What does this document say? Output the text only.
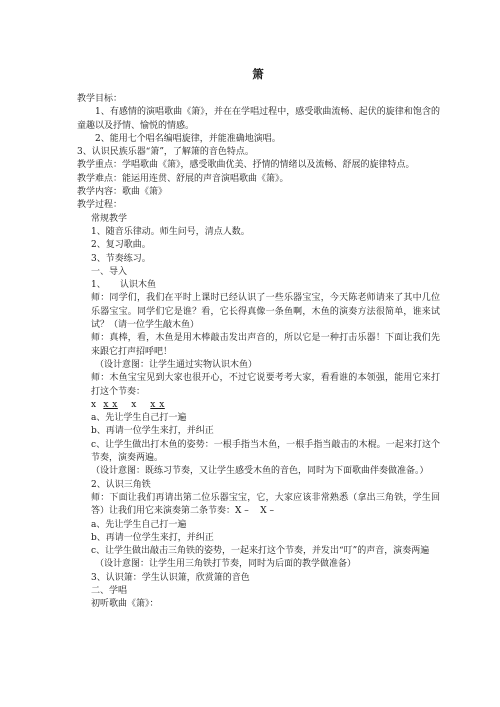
箫
教学目标：
1、有感情的演唱歌曲《箫》，并在在学唱过程中，感受歌曲流畅、起伏的旋律和饱含的童趣以及抒情、愉悦的情感。
2、能用七个唱名编唱旋律，并能准确地演唱。
3、认识民族乐器“箫”，了解箫的音色特点。
教学重点：学唱歌曲《箫》，感受歌曲优美、抒情的情绪以及流畅、舒展的旋律特点。
教学难点：能运用连贯、舒展的声音演唱歌曲《箫》。
教学内容：歌曲《箫》
教学过程：
常规教学
1、随音乐律动。师生问号，清点人数。
2、复习歌曲。
3、节奏练习。
一、导入
1、     认识木鱼
师：同学们，我们在平时上课时已经认识了一些乐器宝宝，今天陈老师请来了其中几位乐器宝宝。同学们它是谁？看，它长得真像一条鱼啊，木鱼的演奏方法很简单，谁来试试？（请一位学生敲木鱼）
师：真棒，看，木鱼是用木棒敲击发出声音的，所以它是一种打击乐器！下面让我们先来跟它打声招呼吧！
（设计意图：让学生通过实物认识木鱼）
师：木鱼宝宝见到大家也很开心，不过它说要考考大家，看看谁的本领强，能用它来打打这个节奏：
x  x x    x    x x
a、先让学生自己打一遍
b、再请一位学生来打，并纠正
c、让学生做出打木鱼的姿势：一根手指当木鱼，一根手指当敲击的木棍。一起来打这个节奏，演奏两遍。
（设计意图：既练习节奏，又让学生感受木鱼的音色，同时为下面歌曲伴奏做准备。）
2、认识三角铁
师：下面让我们再请出第二位乐器宝宝，它，大家应该非常熟悉（拿出三角铁，学生回答）让我们用它来演奏第二条节奏：X –    X –
a、先让学生自己打一遍
b、再请一位学生来打，并纠正
c、让学生做出敲击三角铁的姿势，一起来打这个节奏，并发出“叮”的声音，演奏两遍
（设计意图：让学生用三角铁打节奏，同时为后面的教学做准备）
3、认识箫：学生认识箫，欣赏箫的音色
二、学唱
初听歌曲《箫》：
